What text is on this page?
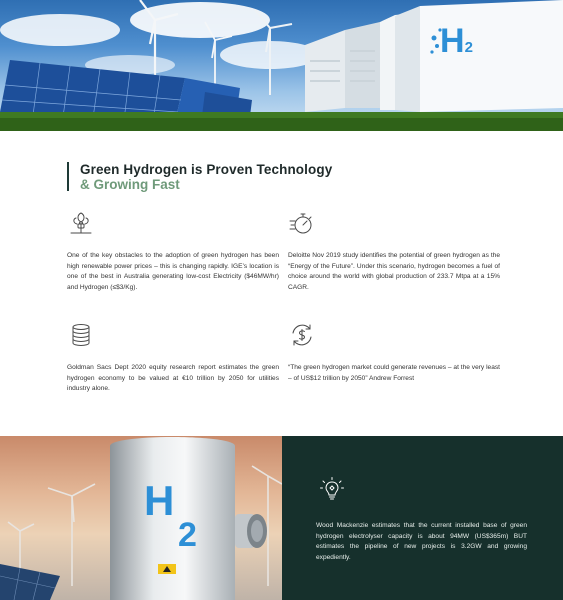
H2
Green Hydrogen is Proven Technology
& Growing Fast

One of the key obstacles to the adoption of green hydrogen has been high renewable power prices – this is changing rapidly. IGE’s location is one of the best in Australia generating low-cost Electricity ($46MW/hr) and Hydrogen (≤$3/Kg).

Deloitte Nov 2019 study identifies the potential of green hydrogen as the “Energy of the Future”. Under this scenario, hydrogen becomes a fuel of choice around the world with global production of 233.7 Mtpa at a 15% CAGR.

Goldman Sacs Dept 2020 equity research report estimates the green hydrogen economy to be valued at €10 trillion by 2050 for utilities industry alone.

“The green hydrogen market could generate revenues – at the very least – of US$12 trillion by 2050” Andrew Forrest

H
2	Wood Mackenzie estimates that the current installed base of green hydrogen electrolyser capacity is about 94MW (US$365m) BUT estimates the pipeline of new projects is 3.2GW and growing expediently.
